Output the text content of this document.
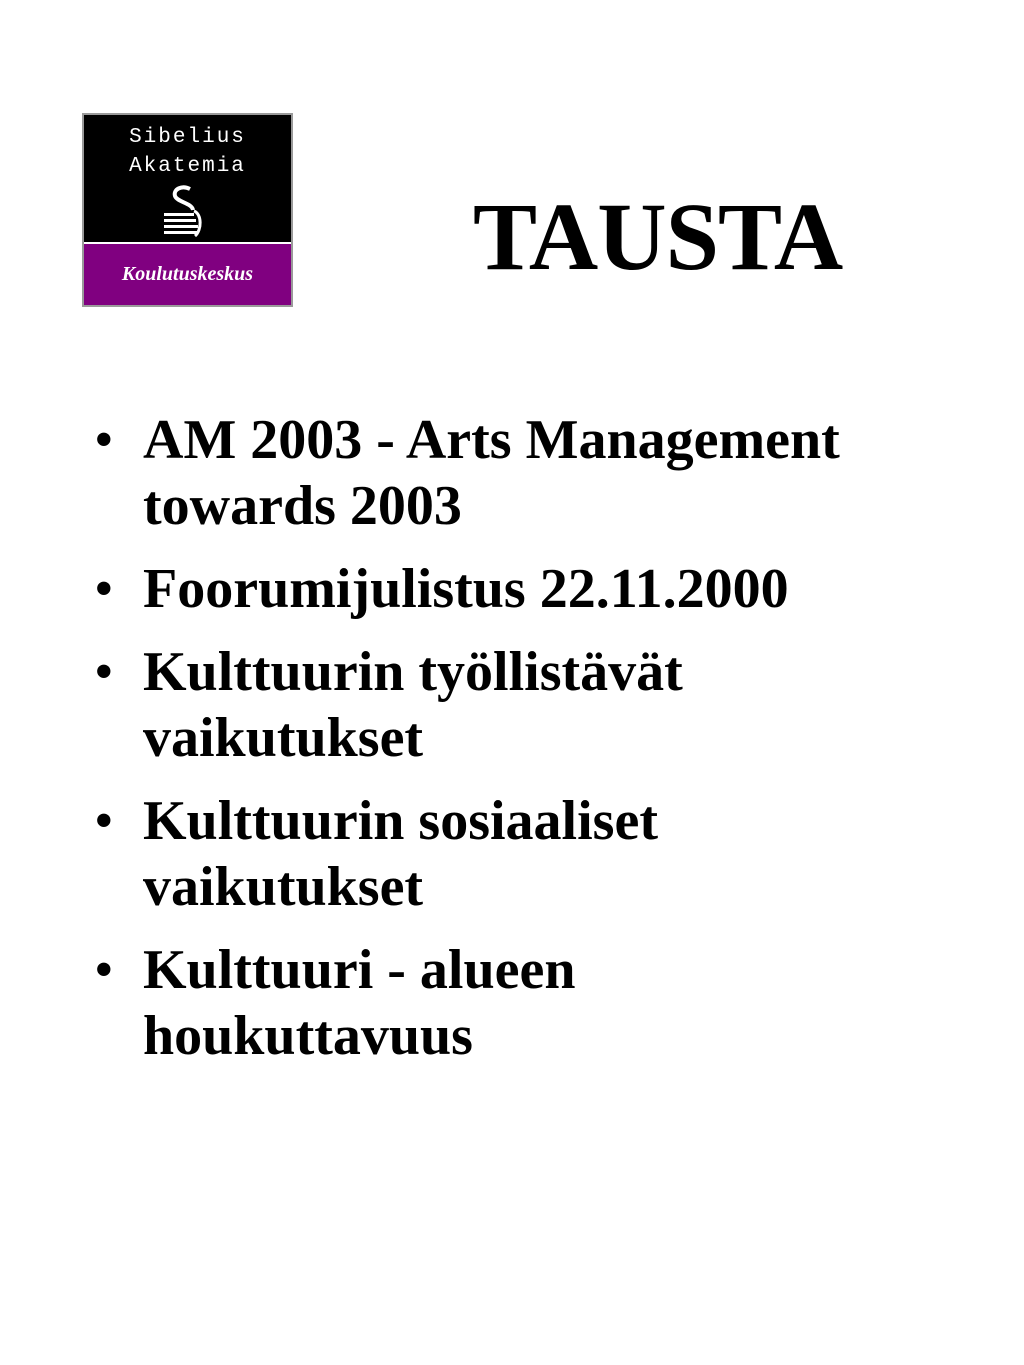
Sibelius
Akatemia
Koulutuskeskus	TAUSTA
• AM 2003 - Arts Management
towards 2003
• Foorumijulistus 22.11.2000
• Kulttuurin työllistävät
vaikutukset
• Kulttuurin sosiaaliset
vaikutukset
• Kulttuuri - alueen
houkuttavuus
